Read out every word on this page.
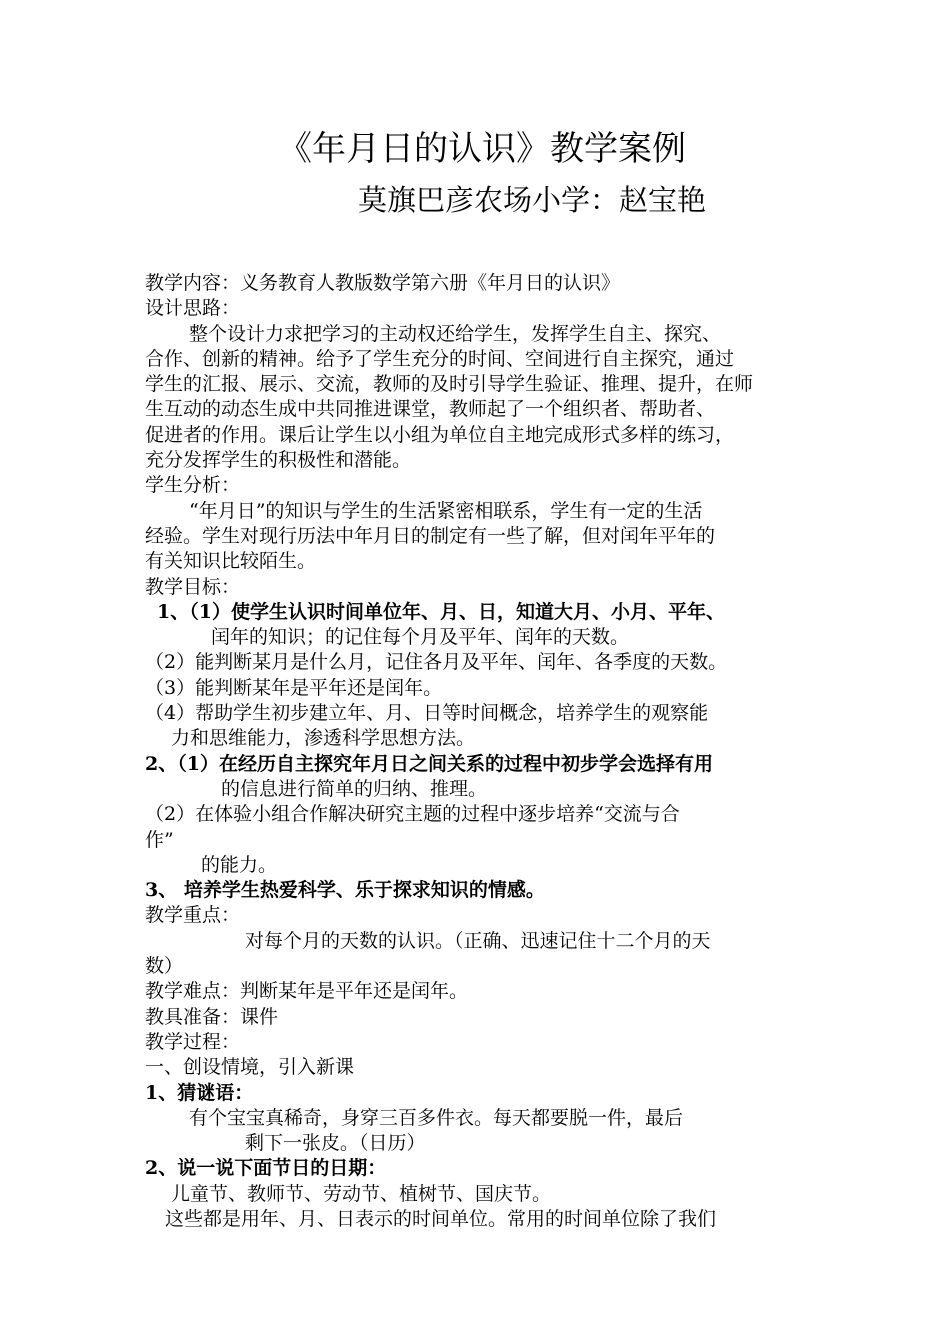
《年月日的认识》教学案例
莫旗巴彦农场小学：赵宝艳
教学内容：义务教育人教版数学第六册《年月日的认识》
设计思路：
整个设计力求把学习的主动权还给学生，发挥学生自主、探究、
合作、创新的精神。给予了学生充分的时间、空间进行自主探究，通过
学生的汇报、展示、交流，教师的及时引导学生验证、推理、提升，在师
生互动的动态生成中共同推进课堂，教师起了一个组织者、帮助者、
促进者的作用。课后让学生以小组为单位自主地完成形式多样的练习，
充分发挥学生的积极性和潜能。
学生分析：
“年月日”的知识与学生的生活紧密相联系，学生有一定的生活
经验。学生对现行历法中年月日的制定有一些了解，但对闰年平年的
有关知识比较陌生。
教学目标：
1、（1）使学生认识时间单位年、月、日，知道大月、小月、平年、
闰年的知识；的记住每个月及平年、闰年的天数。
（2）能判断某月是什么月，记住各月及平年、闰年、各季度的天数。
（3）能判断某年是平年还是闰年。
（4）帮助学生初步建立年、月、日等时间概念，培养学生的观察能
力和思维能力，渗透科学思想方法。
2、（1）在经历自主探究年月日之间关系的过程中初步学会选择有用
的信息进行简单的归纳、推理。
（2）在体验小组合作解决研究主题的过程中逐步培养“交流与合
作”
的能力。
3、 培养学生热爱科学、乐于探求知识的情感。
教学重点：
对每个月的天数的认识。（正确、迅速记住十二个月的天
数）
教学难点：判断某年是平年还是闰年。
教具准备：课件
教学过程：
一、创设情境，引入新课
1、猜谜语：
有个宝宝真稀奇，身穿三百多件衣。每天都要脱一件，最后
剩下一张皮。（日历）
2、说一说下面节日的日期：
儿童节、教师节、劳动节、植树节、国庆节。
这些都是用年、月、日表示的时间单位。常用的时间单位除了我们
